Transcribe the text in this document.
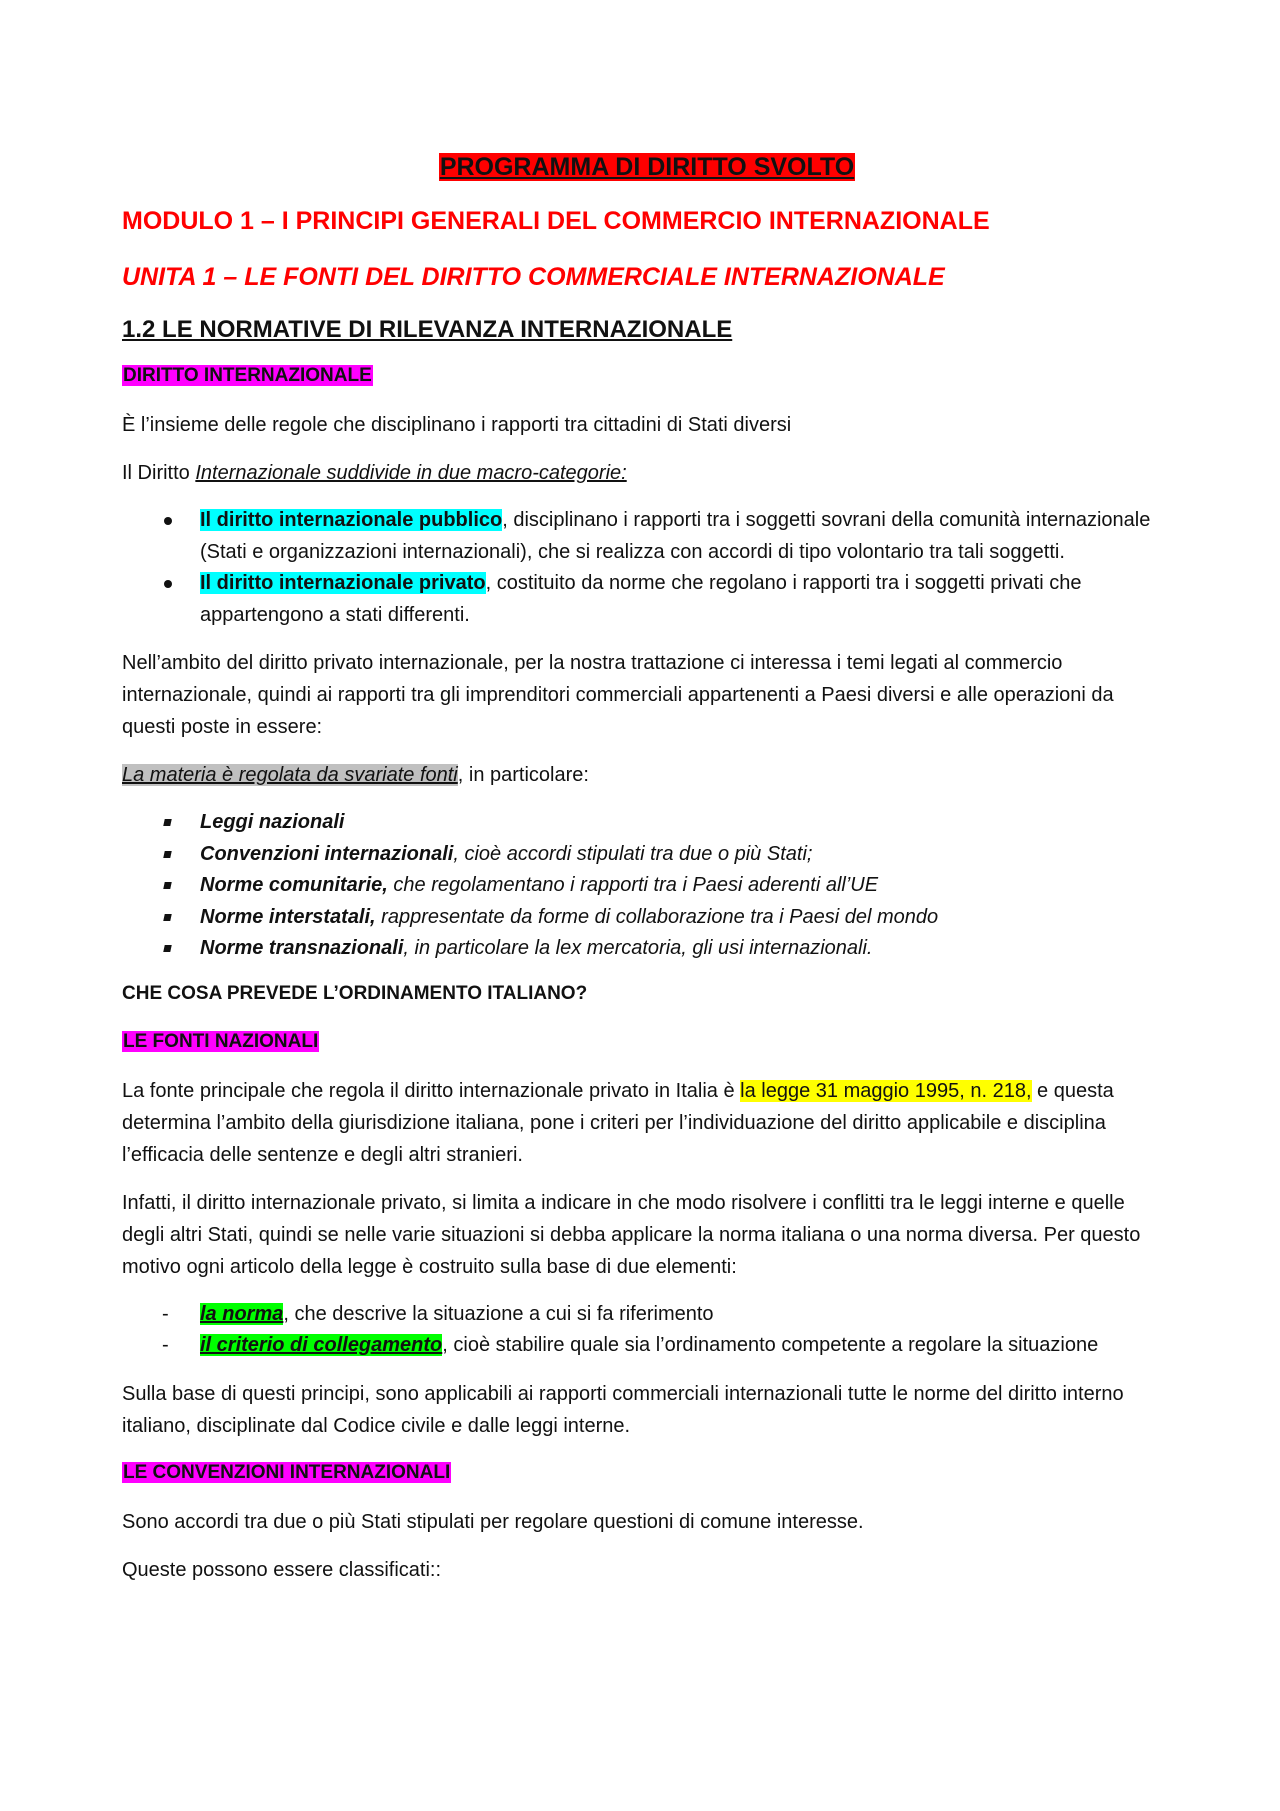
PROGRAMMA DI DIRITTO SVOLTO

MODULO 1 – I PRINCIPI GENERALI DEL COMMERCIO INTERNAZIONALE

UNITA 1 – LE FONTI DEL DIRITTO COMMERCIALE INTERNAZIONALE

1.2 LE NORMATIVE DI RILEVANZA INTERNAZIONALE

DIRITTO INTERNAZIONALE

È l’insieme delle regole che disciplinano i rapporti tra cittadini di Stati diversi

Il Diritto Internazionale suddivide in due macro-categorie:

Il diritto internazionale pubblico, disciplinano i rapporti tra i soggetti sovrani della comunità internazionale (Stati e organizzazioni internazionali), che si realizza con accordi di tipo volontario tra tali soggetti.
Il diritto internazionale privato, costituito da norme che regolano i rapporti tra i soggetti privati che appartengono a stati differenti.

Nell’ambito del diritto privato internazionale, per la nostra trattazione ci interessa i temi legati al commercio internazionale, quindi ai rapporti tra gli imprenditori commerciali appartenenti a Paesi diversi e alle operazioni da questi poste in essere:

La materia è regolata da svariate fonti, in particolare:

Leggi nazionali
Convenzioni internazionali, cioè accordi stipulati tra due o più Stati;
Norme comunitarie, che regolamentano i rapporti tra i Paesi aderenti all’UE
Norme interstatali, rappresentate da forme di collaborazione tra i Paesi del mondo
Norme transnazionali, in particolare la lex mercatoria, gli usi internazionali.

CHE COSA PREVEDE L’ORDINAMENTO ITALIANO?

LE FONTI NAZIONALI

La fonte principale che regola il diritto internazionale privato in Italia è la legge 31 maggio 1995, n. 218, e questa determina l’ambito della giurisdizione italiana, pone i criteri per l’individuazione del diritto applicabile e disciplina l’efficacia delle sentenze e degli altri stranieri.

Infatti, il diritto internazionale privato, si limita a indicare in che modo risolvere i conflitti tra le leggi interne e quelle degli altri Stati, quindi se nelle varie situazioni si debba applicare la norma italiana o una norma diversa. Per questo motivo ogni articolo della legge è costruito sulla base di due elementi:

- la norma, che descrive la situazione a cui si fa riferimento
- il criterio di collegamento, cioè stabilire quale sia l’ordinamento competente a regolare la situazione

Sulla base di questi principi, sono applicabili ai rapporti commerciali internazionali tutte le norme del diritto interno italiano, disciplinate dal Codice civile e dalle leggi interne.

LE CONVENZIONI INTERNAZIONALI

Sono accordi tra due o più Stati stipulati per regolare questioni di comune interesse.

Queste possono essere classificati::
